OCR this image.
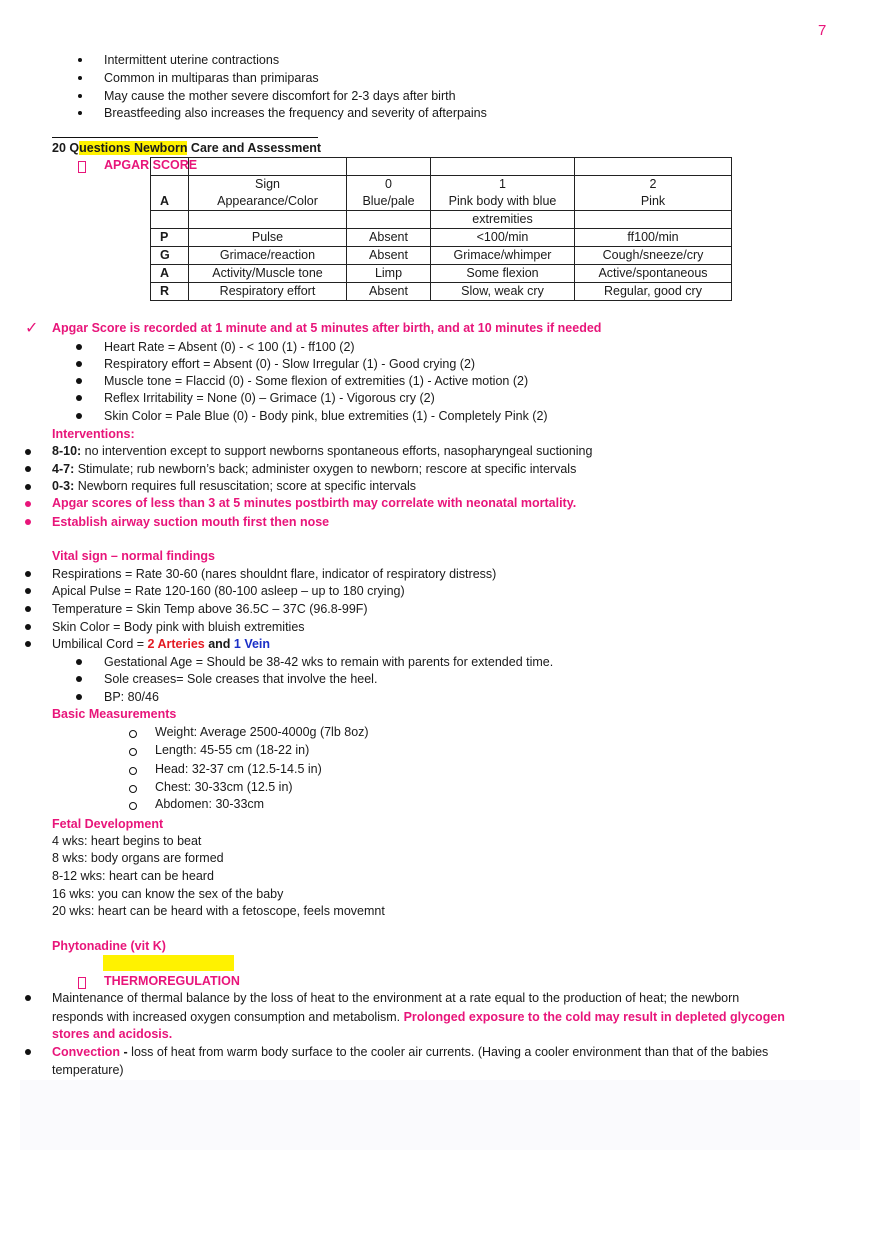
7
Intermittent uterine contractions
Common in multiparas than primiparas
May cause the mother severe discomfort for 2-3 days after birth
Breastfeeding also increases the frequency and severity of afterpains
20 Questions Newborn Care and Assessment
APGAR SCORE

	Sign	0	1	2
A	Appearance/Color	Blue/pale	Pink body with blue	Pink
			extremities	
P	Pulse	Absent	<100/min	ff100/min
G	Grimace/reaction	Absent	Grimace/whimper	Cough/sneeze/cry
A	Activity/Muscle tone	Limp	Some flexion	Active/spontaneous
R	Respiratory effort	Absent	Slow, weak cry	Regular, good cry
✓ Apgar Score is recorded at 1 minute and at 5 minutes after birth, and at 10 minutes if needed
Heart Rate = Absent (0) - < 100 (1) - ff100 (2)
Respiratory effort = Absent (0) - Slow Irregular (1) - Good crying (2)
Muscle tone = Flaccid (0) - Some flexion of extremities (1) - Active motion (2)
Reflex Irritability = None (0) – Grimace (1) - Vigorous cry (2)
Skin Color = Pale Blue (0) - Body pink, blue extremities (1) - Completely Pink (2)
Interventions:
8-10: no intervention except to support newborns spontaneous efforts, nasopharyngeal suctioning
4-7: Stimulate; rub newborn’s back; administer oxygen to newborn; rescore at specific intervals
0-3: Newborn requires full resuscitation; score at specific intervals
Apgar scores of less than 3 at 5 minutes postbirth may correlate with neonatal mortality.
Establish airway suction mouth first then nose
Vital sign – normal findings
Respirations = Rate 30-60 (nares shouldnt flare, indicator of respiratory distress)
Apical Pulse = Rate 120-160 (80-100 asleep – up to 180 crying)
Temperature = Skin Temp above 36.5C – 37C (96.8-99F)
Skin Color = Body pink with bluish extremities
Umbilical Cord = 2 Arteries and 1 Vein
Gestational Age = Should be 38-42 wks to remain with parents for extended time.
Sole creases= Sole creases that involve the heel.
BP: 80/46
Basic Measurements
Weight: Average 2500-4000g (7lb 8oz)
Length: 45-55 cm (18-22 in)
Head: 32-37 cm (12.5-14.5 in)
Chest: 30-33cm (12.5 in)
Abdomen: 30-33cm
Fetal Development
4 wks: heart begins to beat
8 wks: body organs are formed
8-12 wks: heart can be heard
16 wks: you can know the sex of the baby
20 wks: heart can be heard with a fetoscope, feels movemnt
Phytonadine (vit K)
THERMOREGULATION
Maintenance of thermal balance by the loss of heat to the environment at a rate equal to the production of heat; the newborn
responds with increased oxygen consumption and metabolism. Prolonged exposure to the cold may result in depleted glycogen
stores and acidosis.
Convection - loss of heat from warm body surface to the cooler air currents. (Having a cooler environment than that of the babies
temperature)
